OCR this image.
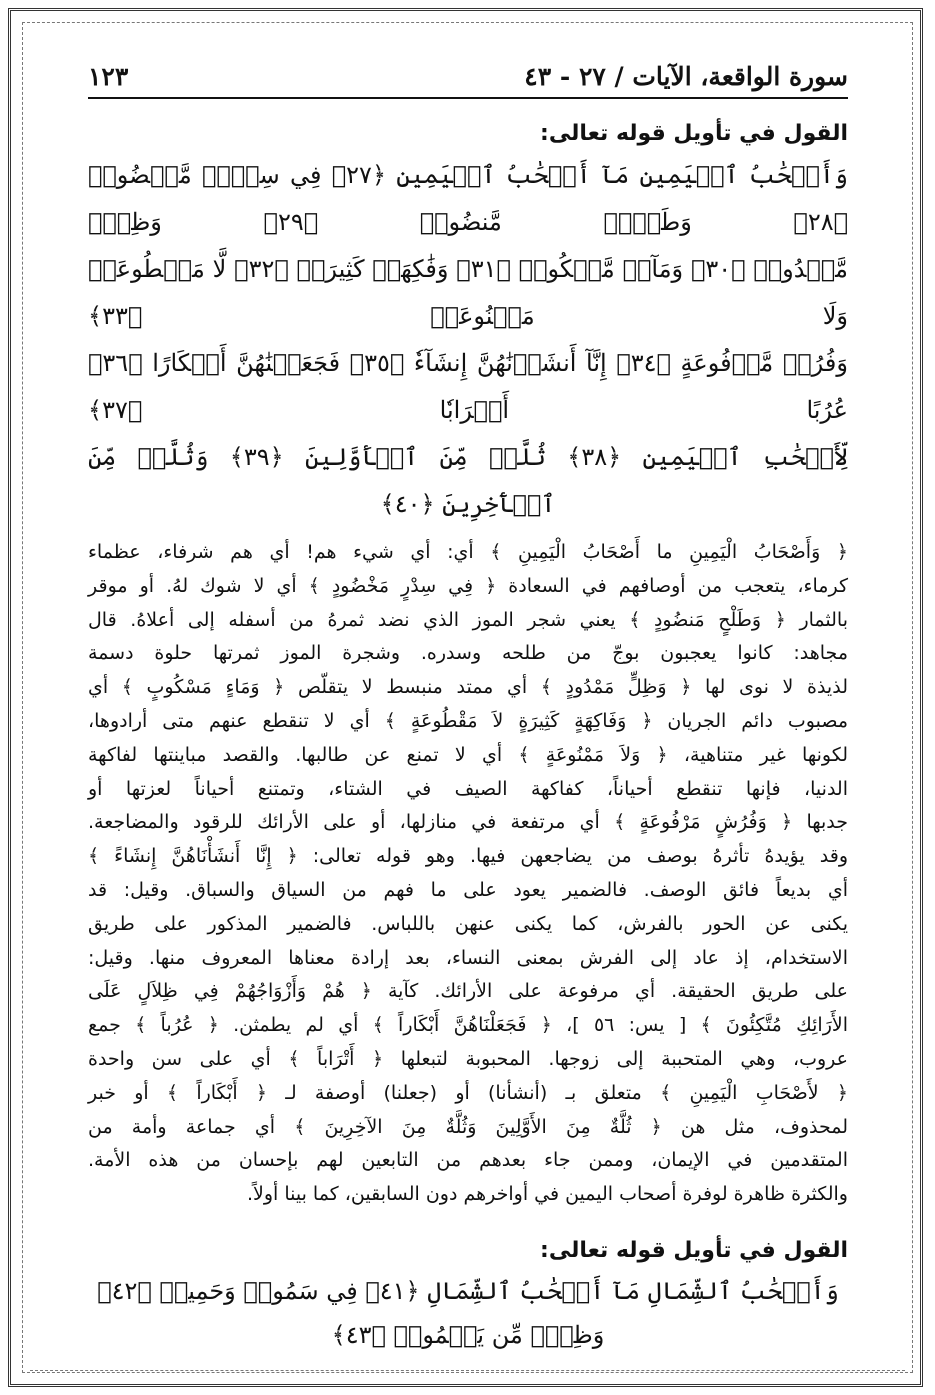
سورة الواقعة، الآيات / ٢٧ - ٤٣
١٢٣
القول في تأويل قوله تعالى:
وَأَصۡحَٰبُ ٱلۡيَمِينِ مَآ أَصۡحَٰبُ ٱلۡيَمِينِ ﴿٢٧﴾ فِي سِدۡرٖ مَّخۡضُودٖ ﴿٢٨﴾ وَطَلۡحٖ مَّنضُودٖ ﴿٢٩﴾ وَظِلّٖ
مَّمۡدُودٖ ﴿٣٠﴾ وَمَآءٖ مَّسۡكُوبٖ ﴿٣١﴾ وَفَٰكِهَةٖ كَثِيرَةٖ ﴿٣٢﴾ لَّا مَقۡطُوعَةٖ وَلَا مَمۡنُوعَةٖ ﴿٣٣﴾
وَفُرُشٖ مَّرۡفُوعَةٍ ﴿٣٤﴾ إِنَّآ أَنشَأۡنَٰهُنَّ إِنشَآءٗ ﴿٣٥﴾ فَجَعَلۡنَٰهُنَّ أَبۡكَارًا ﴿٣٦﴾ عُرُبًا أَتۡرَابٗا ﴿٣٧﴾
لِّأَصۡحَٰبِ ٱلۡيَمِينِ ﴿٣٨﴾ ثُلَّةٞ مِّنَ ٱلۡأَوَّلِينَ ﴿٣٩﴾ وَثُلَّةٞ مِّنَ ٱلۡأٓخِرِينَ ﴿٤٠﴾

﴿ وَأَصْحَابُ الْيَمِينِ ما أَصْحَابُ الْيَمِينِ ﴾ أي: أي شيء هم! أي هم شرفاء، عظماء

كرماء، يتعجب من أوصافهم في السعادة ﴿ فِي سِدْرٍ مَخْضُودٍ ﴾ أي لا شوك لهُ. أو موقر

بالثمار ﴿ وَطَلْحٍ مَنضُودٍ ﴾ يعني شجر الموز الذي نضد ثمرهُ من أسفله إلى أعلاهُ. قال

مجاهد: كانوا يعجبون بوجّ من طلحه وسدره. وشجرة الموز ثمرتها حلوة دسمة

لذيذة لا نوى لها ﴿ وَظِلٍّ مَمْدُودٍ ﴾ أي ممتد منبسط لا يتقلّص ﴿ وَمَاءٍ مَسْكُوبٍ ﴾ أي

مصبوب دائم الجريان ﴿ وَفَاكِهَةٍ كَثِيرَةٍ لاَ مَقْطُوعَةٍ ﴾ أي لا تنقطع عنهم متى أرادوها،

لكونها غير متناهية، ﴿ وَلاَ مَمْنُوعَةٍ ﴾ أي لا تمنع عن طالبها. والقصد مباينتها لفاكهة

الدنيا، فإنها تنقطع أحياناً، كفاكهة الصيف في الشتاء، وتمتنع أحياناً لعزتها أو

جدبها ﴿ وَفُرُشٍ مَرْفُوعَةٍ ﴾ أي مرتفعة في منازلها، أو على الأرائك للرقود والمضاجعة.

وقد يؤيدهُ تأثرهُ بوصف من يضاجعهن فيها. وهو قوله تعالى: ﴿ إِنَّا أَنشَأْنَاهُنَّ إِنشَاءً ﴾

أي بديعاً فائق الوصف. فالضمير يعود على ما فهم من السياق والسباق. وقيل: قد

يكنى عن الحور بالفرش، كما يكنى عنهن باللباس. فالضمير المذكور على طريق

الاستخدام، إذ عاد إلى الفرش بمعنى النساء، بعد إرادة معناها المعروف منها. وقيل:

على طريق الحقيقة. أي مرفوعة على الأرائك. كآية ﴿ هُمْ وَأَزْوَاجُهُمْ فِي ظِلاَلٍ عَلَى

الأَرَائِكِ مُتَّكِئُونَ ﴾ [ يس: ٥٦ ]، ﴿ فَجَعَلْنَاهُنَّ أَبْكَاراً ﴾ أي لم يطمثن. ﴿ عُرُباً ﴾ جمع

عروب، وهي المتحببة إلى زوجها. المحبوبة لتبعلها ﴿ أَتْرَاباً ﴾ أي على سن واحدة

﴿ لأَصْحَابِ الْيَمِينِ ﴾ متعلق بـ (أنشأنا) أو (جعلنا) أوصفة لـ ﴿ أَبْكَاراً ﴾ أو خبر

لمحذوف، مثل هن ﴿ ثُلَّةٌ مِنَ الأَوَّلِينَ وَثُلَّةٌ مِنَ الآخِرِينَ ﴾ أي جماعة وأمة من

المتقدمين في الإيمان، وممن جاء بعدهم من التابعين لهم بإحسان من هذه الأمة.

والكثرة ظاهرة لوفرة أصحاب اليمين في أواخرهم دون السابقين، كما بينا أولاً.

القول في تأويل قوله تعالى:
وَأَصۡحَٰبُ ٱلشِّمَالِ مَآ أَصۡحَٰبُ ٱلشِّمَالِ ﴿٤١﴾ فِي سَمُومٖ وَحَمِيمٖ ﴿٤٢﴾ وَظِلّٖ مِّن يَحۡمُومٖ ﴿٤٣﴾
